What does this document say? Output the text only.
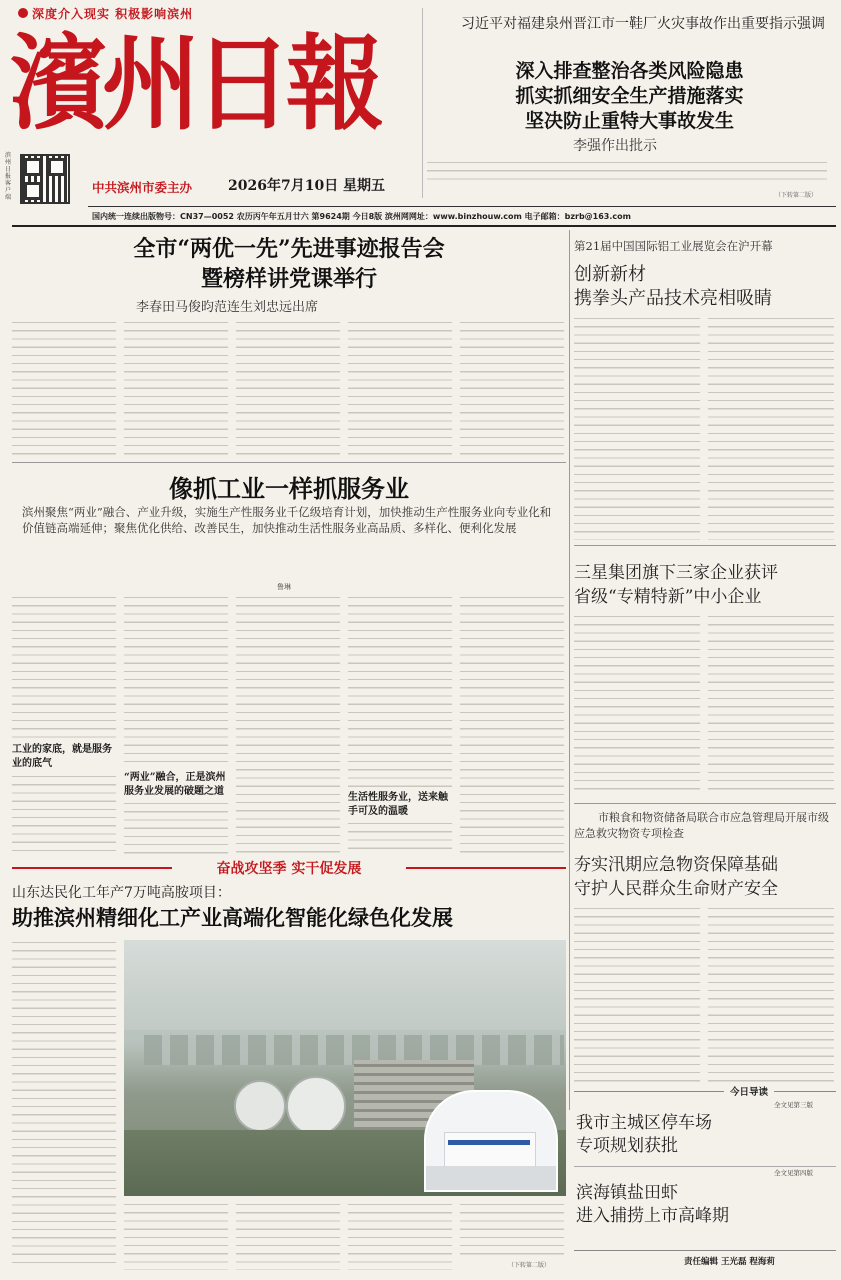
深度介入现实 积极影响滨州
濱州日報
滨州日报客户端
中共滨州市委主办	2026年7月10日 星期五
习近平对福建泉州晋江市一鞋厂火灾事故作出重要指示强调
深入排查整治各类风险隐患
抓实抓细安全生产措施落实
坚决防止重特大事故发生
李强作出批示
（下转第二版）
国内统一连续出版物号：CN37—0052 农历丙午年五月廿六 第9624期 今日8版 滨州网网址：www.binzhouw.com 电子邮箱：bzrb@163.com
全市“两优一先”先进事迹报告会
暨榜样讲党课举行
李春田马俊昀范连生刘忠远出席
像抓工业一样抓服务业
滨州聚焦“两业”融合、产业升级，实施生产性服务业千亿级培育计划，加快推动生产性服务业向专业化和价值链高端延伸；聚焦优化供给、改善民生，加快推动生活性服务业高品质、多样化、便利化发展
鲁琳
工业的家底，就是服务业的底气
“两业”融合，正是滨州服务业发展的破题之道
生活性服务业，送来触手可及的温暖
第21届中国国际铝工业展览会在沪开幕
创新新材
携拳头产品技术亮相吸睛
三星集团旗下三家企业获评
省级“专精特新”中小企业
市粮食和物资储备局联合市应急管理局开展市级应急救灾物资专项检查
夯实汛期应急物资保障基础
守护人民群众生命财产安全
奋战攻坚季 实干促发展
山东达民化工年产7万吨高胺项目：
助推滨州精细化工产业高端化智能化绿色化发展
（下转第二版）
今日导读
全文见第三版
我市主城区停车场
专项规划获批
全文见第四版
滨海镇盐田虾
进入捕捞上市高峰期
责任编辑 王光磊 程海莉
